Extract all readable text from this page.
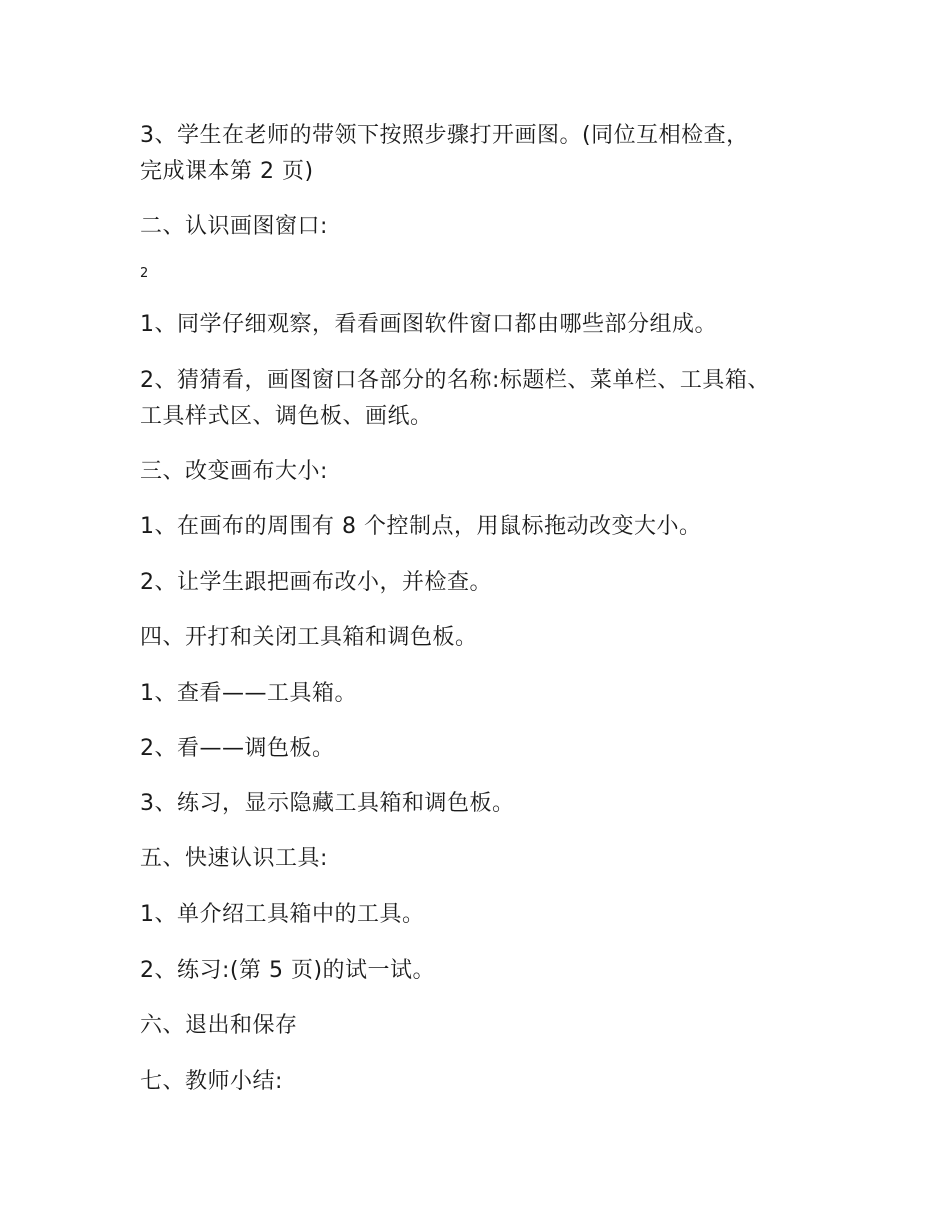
3、学生在老师的带领下按照步骤打开画图。(同位互相检查，

完成课本第 2 页)

二、认识画图窗口:

2

1、同学仔细观察，看看画图软件窗口都由哪些部分组成。

2、猜猜看，画图窗口各部分的名称:标题栏、菜单栏、工具箱、

工具样式区、调色板、画纸。

三、改变画布大小:

1、在画布的周围有 8 个控制点，用鼠标拖动改变大小。

2、让学生跟把画布改小，并检查。

四、开打和关闭工具箱和调色板。

1、查看——工具箱。

2、看——调色板。

3、练习，显示隐藏工具箱和调色板。

五、快速认识工具:

1、单介绍工具箱中的工具。

2、练习:(第 5 页)的试一试。

六、退出和保存

七、教师小结:
